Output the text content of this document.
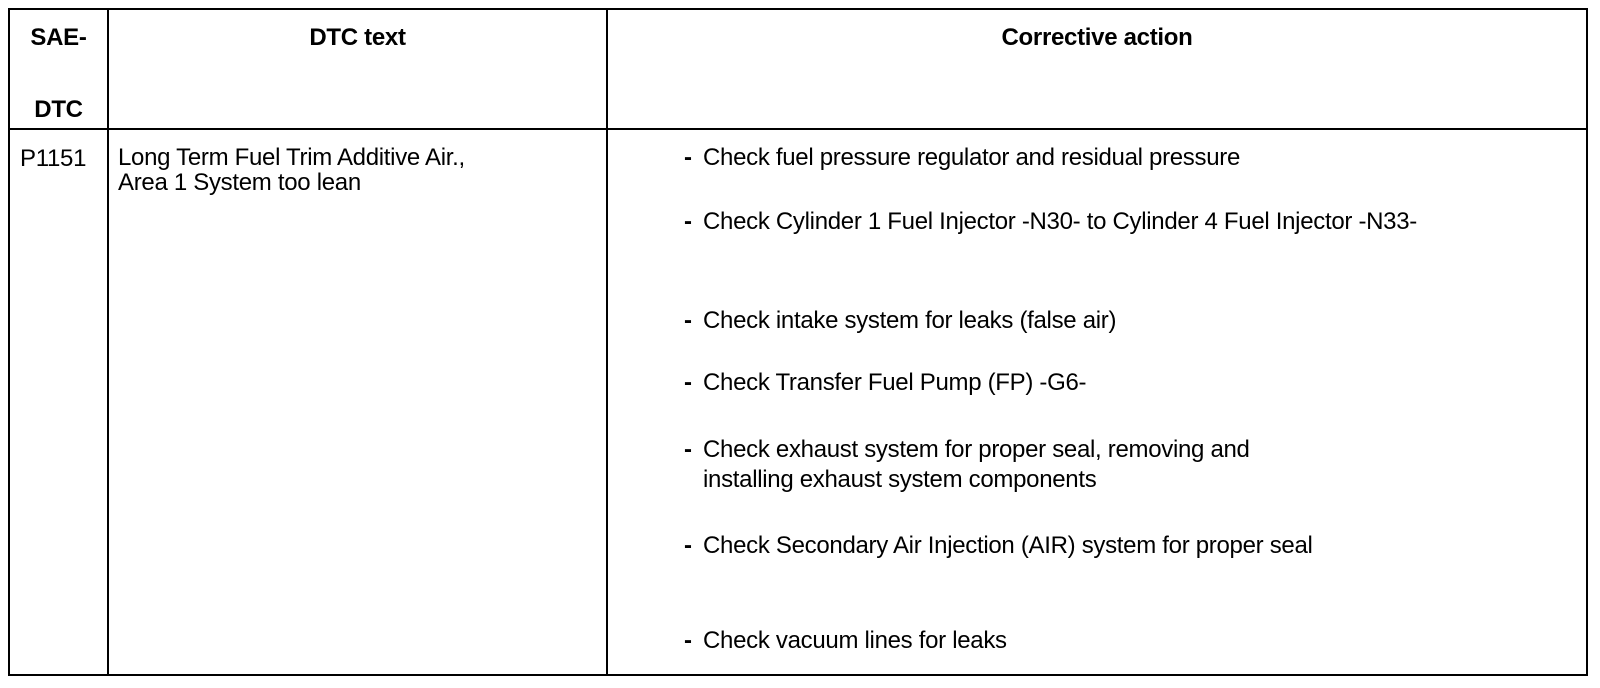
SAE-
DTC
DTC text	Corrective action
P1151 Long Term Fuel Trim Additive Air.,
Area 1 System too lean
- Check fuel pressure regulator and residual pressure
- Check Cylinder 1 Fuel Injector -N30- to Cylinder 4 Fuel Injector -N33-
- Check intake system for leaks (false air)
- Check Transfer Fuel Pump (FP) -G6-
- Check exhaust system for proper seal, removing and
installing exhaust system components
- Check Secondary Air Injection (AIR) system for proper seal
- Check vacuum lines for leaks
